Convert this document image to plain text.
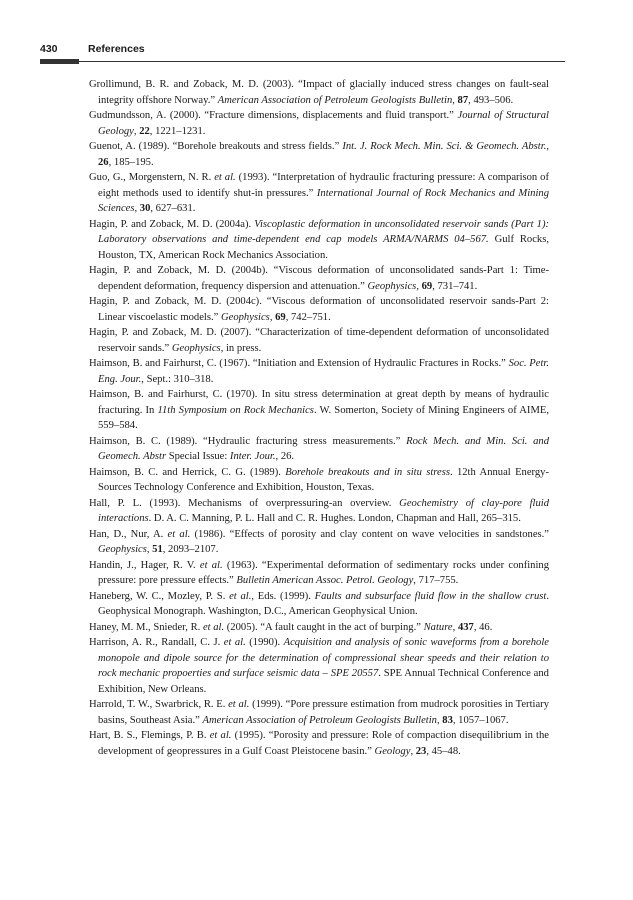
430	References

Grollimund, B. R. and Zoback, M. D. (2003). “Impact of glacially induced stress changes on fault-seal integrity offshore Norway.” American Association of Petroleum Geologists Bulletin, 87, 493–506.

Gudmundsson, A. (2000). “Fracture dimensions, displacements and fluid transport.” Journal of Structural Geology, 22, 1221–1231.

Guenot, A. (1989). “Borehole breakouts and stress fields.” Int. J. Rock Mech. Min. Sci. & Geomech. Abstr., 26, 185–195.

Guo, G., Morgenstern, N. R. et al. (1993). “Interpretation of hydraulic fracturing pressure: A comparison of eight methods used to identify shut-in pressures.” International Journal of Rock Mechanics and Mining Sciences, 30, 627–631.

Hagin, P. and Zoback, M. D. (2004a). Viscoplastic deformation in unconsolidated reservoir sands (Part 1): Laboratory observations and time-dependent end cap models ARMA/NARMS 04–567. Gulf Rocks, Houston, TX, American Rock Mechanics Association.

Hagin, P. and Zoback, M. D. (2004b). “Viscous deformation of unconsolidated sands-Part 1: Time-dependent deformation, frequency dispersion and attenuation.” Geophysics, 69, 731–741.

Hagin, P. and Zoback, M. D. (2004c). “Viscous deformation of unconsolidated reservoir sands-Part 2: Linear viscoelastic models.” Geophysics, 69, 742–751.

Hagin, P. and Zoback, M. D. (2007). “Characterization of time-dependent deformation of unconsolidated reservoir sands.” Geophysics, in press.

Haimson, B. and Fairhurst, C. (1967). “Initiation and Extension of Hydraulic Fractures in Rocks.” Soc. Petr. Eng. Jour., Sept.: 310–318.

Haimson, B. and Fairhurst, C. (1970). In situ stress determination at great depth by means of hydraulic fracturing. In 11th Symposium on Rock Mechanics. W. Somerton, Society of Mining Engineers of AIME, 559–584.

Haimson, B. C. (1989). “Hydraulic fracturing stress measurements.” Rock Mech. and Min. Sci. and Geomech. Abstr Special Issue: Inter. Jour., 26.

Haimson, B. C. and Herrick, C. G. (1989). Borehole breakouts and in situ stress. 12th Annual Energy-Sources Technology Conference and Exhibition, Houston, Texas.

Hall, P. L. (1993). Mechanisms of overpressuring-an overview. Geochemistry of clay-pore fluid interactions. D. A. C. Manning, P. L. Hall and C. R. Hughes. London, Chapman and Hall, 265–315.

Han, D., Nur, A. et al. (1986). “Effects of porosity and clay content on wave velocities in sandstones.” Geophysics, 51, 2093–2107.

Handin, J., Hager, R. V. et al. (1963). “Experimental deformation of sedimentary rocks under confining pressure: pore pressure effects.” Bulletin American Assoc. Petrol. Geology, 717–755.

Haneberg, W. C., Mozley, P. S. et al., Eds. (1999). Faults and subsurface fluid flow in the shallow crust. Geophysical Monograph. Washington, D.C., American Geophysical Union.

Haney, M. M., Snieder, R. et al. (2005). “A fault caught in the act of burping.” Nature, 437, 46.

Harrison, A. R., Randall, C. J. et al. (1990). Acquisition and analysis of sonic waveforms from a borehole monopole and dipole source for the determination of compressional shear speeds and their relation to rock mechanic propoerties and surface seismic data – SPE 20557. SPE Annual Technical Conference and Exhibition, New Orleans.

Harrold, T. W., Swarbrick, R. E. et al. (1999). “Pore pressure estimation from mudrock porosities in Tertiary basins, Southeast Asia.” American Association of Petroleum Geologists Bulletin, 83, 1057–1067.

Hart, B. S., Flemings, P. B. et al. (1995). “Porosity and pressure: Role of compaction disequilibrium in the development of geopressures in a Gulf Coast Pleistocene basin.” Geology, 23, 45–48.
